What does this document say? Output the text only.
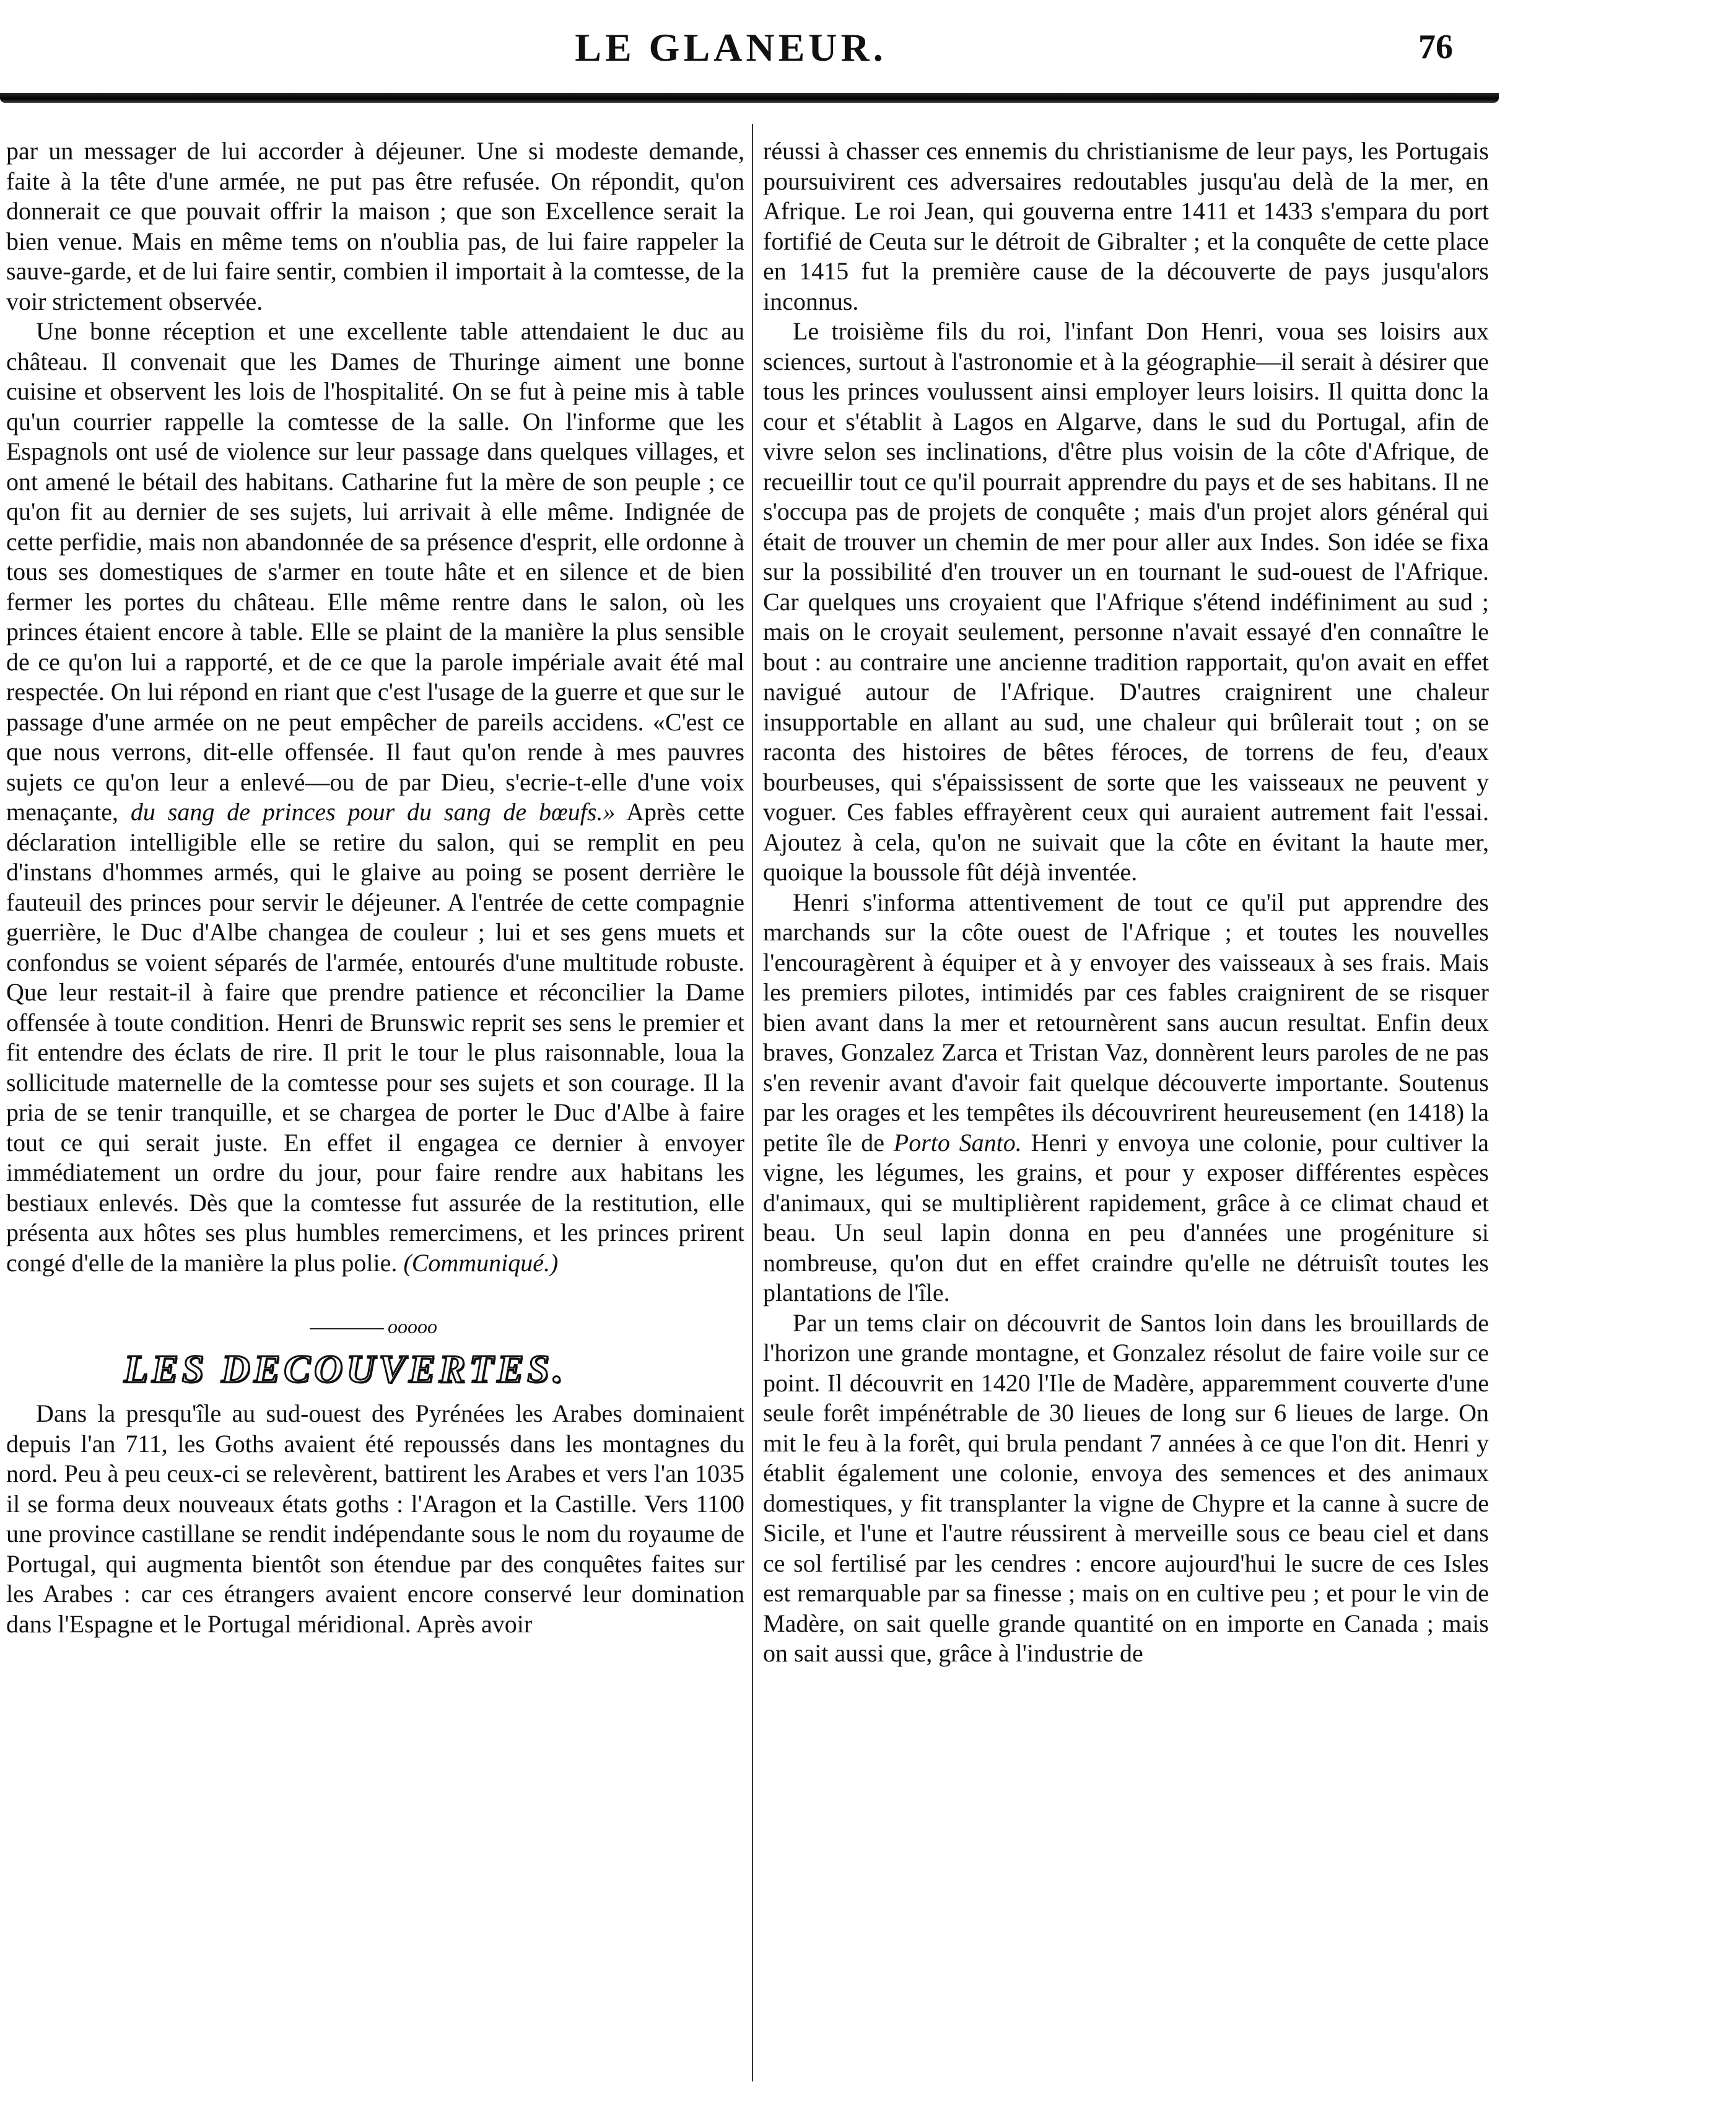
LE GLANEUR.	76

par un messager de lui accorder à déjeuner. Une si modeste demande, faite à la tête d'une armée, ne put pas être refusée. On répondit, qu'on donnerait ce que pouvait offrir la maison ; que son Excellence serait la bien venue. Mais en même tems on n'oublia pas, de lui faire rappeler la sauve-garde, et de lui faire sentir, combien il importait à la comtesse, de la voir strictement observée.

Une bonne réception et une excellente table attendaient le duc au château. Il convenait que les Dames de Thuringe aiment une bonne cuisine et observent les lois de l'hospitalité. On se fut à peine mis à table qu'un courrier rappelle la comtesse de la salle. On l'informe que les Espagnols ont usé de violence sur leur passage dans quelques villages, et ont amené le bétail des habitans. Catharine fut la mère de son peuple ; ce qu'on fit au dernier de ses sujets, lui arrivait à elle même. Indignée de cette perfidie, mais non abandonnée de sa présence d'esprit, elle ordonne à tous ses domestiques de s'armer en toute hâte et en silence et de bien fermer les portes du château. Elle même rentre dans le salon, où les princes étaient encore à table. Elle se plaint de la manière la plus sensible de ce qu'on lui a rapporté, et de ce que la parole impériale avait été mal respectée. On lui répond en riant que c'est l'usage de la guerre et que sur le passage d'une armée on ne peut empêcher de pareils accidens. «C'est ce que nous verrons, dit-elle offensée. Il faut qu'on rende à mes pauvres sujets ce qu'on leur a enlevé—ou de par Dieu, s'ecrie-t-elle d'une voix menaçante, du sang de princes pour du sang de bœufs.» Après cette déclaration intelligible elle se retire du salon, qui se remplit en peu d'instans d'hommes armés, qui le glaive au poing se posent derrière le fauteuil des princes pour servir le déjeuner. A l'entrée de cette compagnie guerrière, le Duc d'Albe changea de couleur ; lui et ses gens muets et confondus se voient séparés de l'armée, entourés d'une multitude robuste. Que leur restait-il à faire que prendre patience et réconcilier la Dame offensée à toute condition. Henri de Brunswic reprit ses sens le premier et fit entendre des éclats de rire. Il prit le tour le plus raisonnable, loua la sollicitude maternelle de la comtesse pour ses sujets et son courage. Il la pria de se tenir tranquille, et se chargea de porter le Duc d'Albe à faire tout ce qui serait juste. En effet il engagea ce dernier à envoyer immédiatement un ordre du jour, pour faire rendre aux habitans les bestiaux enlevés. Dès que la comtesse fut assurée de la restitution, elle présenta aux hôtes ses plus humbles remercimens, et les princes prirent congé d'elle de la manière la plus polie. (Communiqué.)

ooooo
LES DECOUVERTES.

Dans la presqu'île au sud-ouest des Pyrénées les Arabes dominaient depuis l'an 711, les Goths avaient été repoussés dans les montagnes du nord. Peu à peu ceux-ci se relevèrent, battirent les Arabes et vers l'an 1035 il se forma deux nouveaux états goths : l'Aragon et la Castille. Vers 1100 une province castillane se rendit indépendante sous le nom du royaume de Portugal, qui augmenta bientôt son étendue par des conquêtes faites sur les Arabes : car ces étrangers avaient encore conservé leur domination dans l'Espagne et le Portugal méridional. Après avoir

réussi à chasser ces ennemis du christianisme de leur pays, les Portugais poursuivirent ces adversaires redoutables jusqu'au delà de la mer, en Afrique. Le roi Jean, qui gouverna entre 1411 et 1433 s'empara du port fortifié de Ceuta sur le détroit de Gibralter ; et la conquête de cette place en 1415 fut la première cause de la découverte de pays jusqu'alors inconnus.

Le troisième fils du roi, l'infant Don Henri, voua ses loisirs aux sciences, surtout à l'astronomie et à la géographie—il serait à désirer que tous les princes voulussent ainsi employer leurs loisirs. Il quitta donc la cour et s'établit à Lagos en Algarve, dans le sud du Portugal, afin de vivre selon ses inclinations, d'être plus voisin de la côte d'Afrique, de recueillir tout ce qu'il pourrait apprendre du pays et de ses habitans. Il ne s'occupa pas de projets de conquête ; mais d'un projet alors général qui était de trouver un chemin de mer pour aller aux Indes. Son idée se fixa sur la possibilité d'en trouver un en tournant le sud-ouest de l'Afrique. Car quelques uns croyaient que l'Afrique s'étend indéfiniment au sud ; mais on le croyait seulement, personne n'avait essayé d'en connaître le bout : au contraire une ancienne tradition rapportait, qu'on avait en effet navigué autour de l'Afrique. D'autres craignirent une chaleur insupportable en allant au sud, une chaleur qui brûlerait tout ; on se raconta des histoires de bêtes féroces, de torrens de feu, d'eaux bourbeuses, qui s'épaississent de sorte que les vaisseaux ne peuvent y voguer. Ces fables effrayèrent ceux qui auraient autrement fait l'essai. Ajoutez à cela, qu'on ne suivait que la côte en évitant la haute mer, quoique la boussole fût déjà inventée.

Henri s'informa attentivement de tout ce qu'il put apprendre des marchands sur la côte ouest de l'Afrique ; et toutes les nouvelles l'encouragèrent à équiper et à y envoyer des vaisseaux à ses frais. Mais les premiers pilotes, intimidés par ces fables craignirent de se risquer bien avant dans la mer et retournèrent sans aucun resultat. Enfin deux braves, Gonzalez Zarca et Tristan Vaz, donnèrent leurs paroles de ne pas s'en revenir avant d'avoir fait quelque découverte importante. Soutenus par les orages et les tempêtes ils découvrirent heureusement (en 1418) la petite île de Porto Santo. Henri y envoya une colonie, pour cultiver la vigne, les légumes, les grains, et pour y exposer différentes espèces d'animaux, qui se multiplièrent rapidement, grâce à ce climat chaud et beau. Un seul lapin donna en peu d'années une progéniture si nombreuse, qu'on dut en effet craindre qu'elle ne détruisît toutes les plantations de l'île.

Par un tems clair on découvrit de Santos loin dans les brouillards de l'horizon une grande montagne, et Gonzalez résolut de faire voile sur ce point. Il découvrit en 1420 l'Ile de Madère, apparemment couverte d'une seule forêt impénétrable de 30 lieues de long sur 6 lieues de large. On mit le feu à la forêt, qui brula pendant 7 années à ce que l'on dit. Henri y établit également une colonie, envoya des semences et des animaux domestiques, y fit transplanter la vigne de Chypre et la canne à sucre de Sicile, et l'une et l'autre réussirent à merveille sous ce beau ciel et dans ce sol fertilisé par les cendres : encore aujourd'hui le sucre de ces Isles est remarquable par sa finesse ; mais on en cultive peu ; et pour le vin de Madère, on sait quelle grande quantité on en importe en Canada ; mais on sait aussi que, grâce à l'industrie de
